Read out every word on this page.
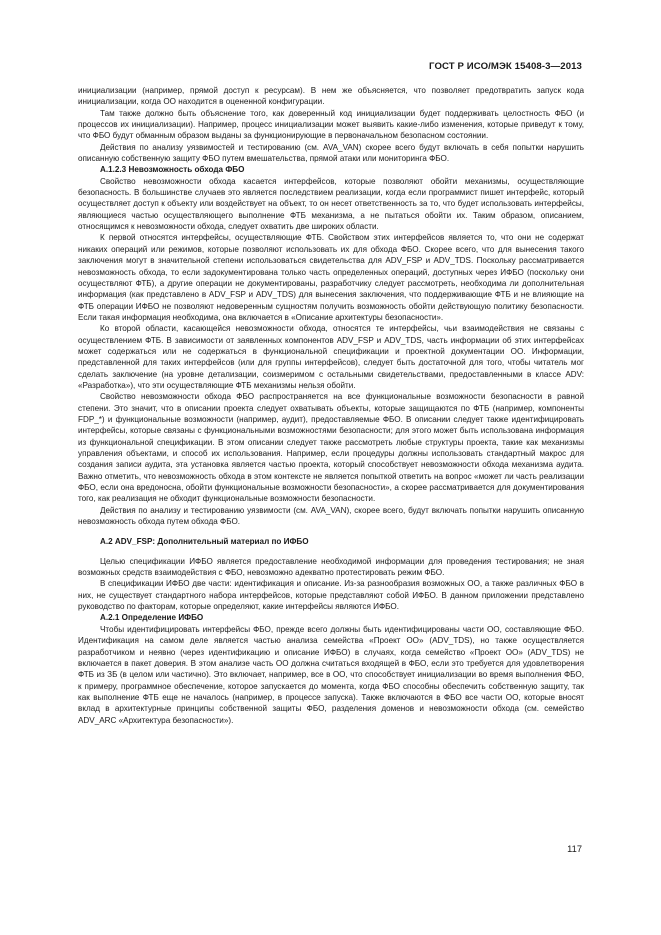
ГОСТ Р ИСО/МЭК 15408-3—2013

инициализации (например, прямой доступ к ресурсам). В нем же объясняется, что позволяет предотвратить запуск кода инициализации, когда ОО находится в оцененной конфигурации.

Там также должно быть объяснение того, как доверенный код инициализации будет поддерживать целостность ФБО (и процессов их инициализации). Например, процесс инициализации может выявить какие-либо изменения, которые приведут к тому, что ФБО будут обманным образом выданы за функционирующие в первоначальном безопасном состоянии.

Действия по анализу уязвимостей и тестированию (см. AVA_VAN) скорее всего будут включать в себя попытки нарушить описанную собственную защиту ФБО путем вмешательства, прямой атаки или мониторинга ФБО.

А.1.2.3 Невозможность обхода ФБО

Свойство невозможности обхода касается интерфейсов, которые позволяют обойти механизмы, осуществляющие безопасность. В большинстве случаев это является последствием реализации, когда если программист пишет интерфейс, который осуществляет доступ к объекту или воздействует на объект, то он несет ответственность за то, что будет использовать интерфейсы, являющиеся частью осуществляющего выполнение ФТБ механизма, а не пытаться обойти их. Таким образом, описанием, относящимся к невозможности обхода, следует охватить две широких области.

К первой относятся интерфейсы, осуществляющие ФТБ. Свойством этих интерфейсов является то, что они не содержат никаких операций или режимов, которые позволяют использовать их для обхода ФБО. Скорее всего, что для вынесения такого заключения могут в значительной степени использоваться свидетельства для ADV_FSP и ADV_TDS. Поскольку рассматривается невозможность обхода, то если задокументирована только часть определенных операций, доступных через ИФБО (поскольку они осуществляют ФТБ), а другие операции не документированы, разработчику следует рассмотреть, необходима ли дополнительная информация (как представлено в ADV_FSP и ADV_TDS) для вынесения заключения, что поддерживающие ФТБ и не влияющие на ФТБ операции ИФБО не позволяют недоверенным сущностям получить возможность обойти действующую политику безопасности. Если такая информация необходима, она включается в «Описание архитектуры безопасности».

Ко второй области, касающейся невозможности обхода, относятся те интерфейсы, чьи взаимодействия не связаны с осуществлением ФТБ. В зависимости от заявленных компонентов ADV_FSP и ADV_TDS, часть информации об этих интерфейсах может содержаться или не содержаться в функциональной спецификации и проектной документации ОО. Информации, представленной для таких интерфейсов (или для группы интерфейсов), следует быть достаточной для того, чтобы читатель мог сделать заключение (на уровне детализации, соизмеримом с остальными свидетельствами, предоставленными в классе ADV: «Разработка»), что эти осуществляющие ФТБ механизмы нельзя обойти.

Свойство невозможности обхода ФБО распространяется на все функциональные возможности безопасности в равной степени. Это значит, что в описании проекта следует охватывать объекты, которые защищаются по ФТБ (например, компоненты FDP_*) и функциональные возможности (например, аудит), предоставляемые ФБО. В описании следует также идентифицировать интерфейсы, которые связаны с функциональными возможностями безопасности; для этого может быть использована информация из функциональной спецификации. В этом описании следует также рассмотреть любые структуры проекта, такие как механизмы управления объектами, и способ их использования. Например, если процедуры должны использовать стандартный макрос для создания записи аудита, эта установка является частью проекта, который способствует невозможности обхода механизма аудита. Важно отметить, что невозможность обхода в этом контексте не является попыткой ответить на вопрос «может ли часть реализации ФБО, если она вредоносна, обойти функциональные возможности безопасности», а скорее рассматривается для документирования того, как реализация не обходит функциональные возможности безопасности.

Действия по анализу и тестированию уязвимости (см. AVA_VAN), скорее всего, будут включать попытки нарушить описанную невозможность обхода путем обхода ФБО.

А.2 ADV_FSP: Дополнительный материал по ИФБО

Целью спецификации ИФБО является предоставление необходимой информации для проведения тестирования; не зная возможных средств взаимодействия с ФБО, невозможно адекватно протестировать режим ФБО.

В спецификации ИФБО две части: идентификация и описание. Из-за разнообразия возможных ОО, а также различных ФБО в них, не существует стандартного набора интерфейсов, которые представляют собой ИФБО. В данном приложении представлено руководство по факторам, которые определяют, какие интерфейсы являются ИФБО.

А.2.1 Определение ИФБО

Чтобы идентифицировать интерфейсы ФБО, прежде всего должны быть идентифицированы части ОО, составляющие ФБО. Идентификация на самом деле является частью анализа семейства «Проект ОО» (ADV_TDS), но также осуществляется разработчиком и неявно (через идентификацию и описание ИФБО) в случаях, когда семейство «Проект ОО» (ADV_TDS) не включается в пакет доверия. В этом анализе часть ОО должна считаться входящей в ФБО, если это требуется для удовлетворения ФТБ из ЗБ (в целом или частично). Это включает, например, все в ОО, что способствует инициализации во время выполнения ФБО, к примеру, программное обеспечение, которое запускается до момента, когда ФБО способны обеспечить собственную защиту, так как выполнение ФТБ еще не началось (например, в процессе запуска). Также включаются в ФБО все части ОО, которые вносят вклад в архитектурные принципы собственной защиты ФБО, разделения доменов и невозможности обхода (см. семейство ADV_ARC «Архитектура безопасности»).

117
